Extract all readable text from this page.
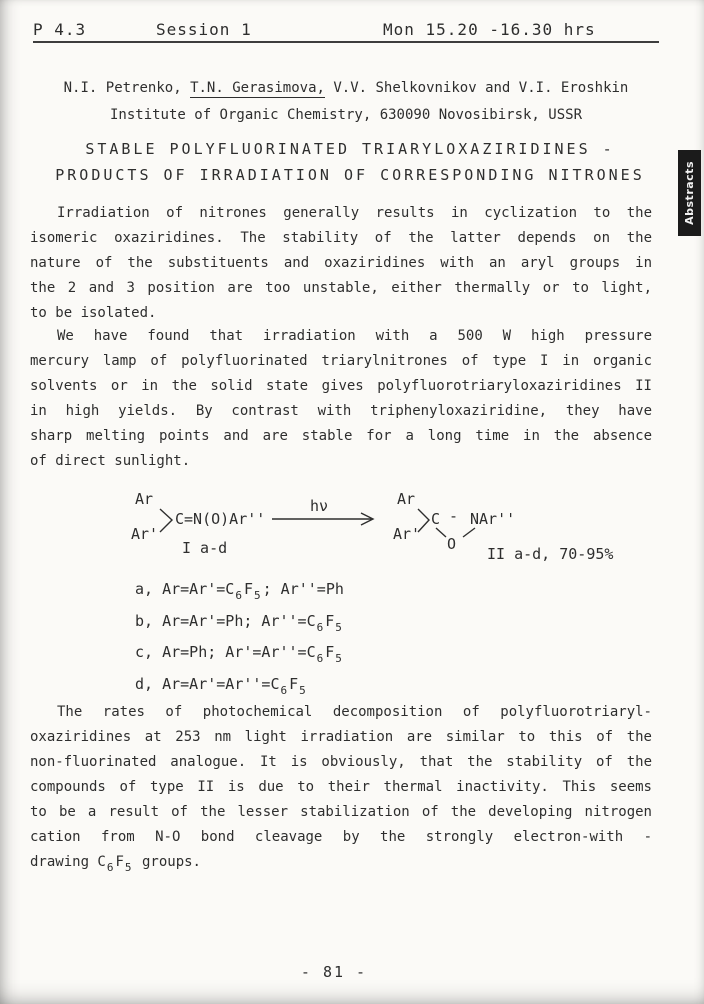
P 4.3	Session 1	Mon 15.20 -16.30 hrs
Abstracts
N.I. Petrenko, T.N. Gerasimova, V.V. Shelkovnikov and V.I. Eroshkin
Institute of Organic Chemistry, 630090 Novosibirsk, USSR
STABLE POLYFLUORINATED TRIARYLOXAZIRIDINES -
PRODUCTS OF IRRADIATION OF CORRESPONDING NITRONES
Irradiation of nitrones generally results in cyclization to the
isomeric oxaziridines. The stability of the latter depends on the
nature of the substituents and oxaziridines with an aryl groups in
the 2 and 3 position are too unstable, either thermally or to light,
to be isolated.
We have found that irradiation with a 500 W high pressure
mercury lamp of polyfluorinated triarylnitrones of type I in organic
solvents or in the solid state gives polyfluorotriaryloxaziridines II
in high yields. By contrast with triphenyloxaziridine, they have
sharp melting points and are stable for a long time in the absence
of direct sunlight.
Ar
Ar'
C=N(O)Ar''
I a-d
hν	Ar
Ar'
C - NAr''
O
II a-d, 70-95%
a, $Ar=Ar'=C_6$ $F_5$ ; Ar''=Ph
b, Ar=Ar'=Ph; $Ar''=C_6$ $F_5$
c, Ar=Ph; $Ar'=Ar''=C_6$ $F_5$
d, $Ar=Ar'=Ar''=C_6$ $F_5$
The rates of photochemical decomposition of polyfluorotriaryl-
oxaziridines at 253 nm light irradiation are similar to this of the
non-fluorinated analogue. It is obviously, that the stability of the
compounds of type II is due to their thermal inactivity. This seems
to be a result of the lesser stabilization of the developing nitrogen
cation from N-O bond cleavage by the strongly electron-with -
drawing $C_6$ $F_5$ groups.
- 81 -
